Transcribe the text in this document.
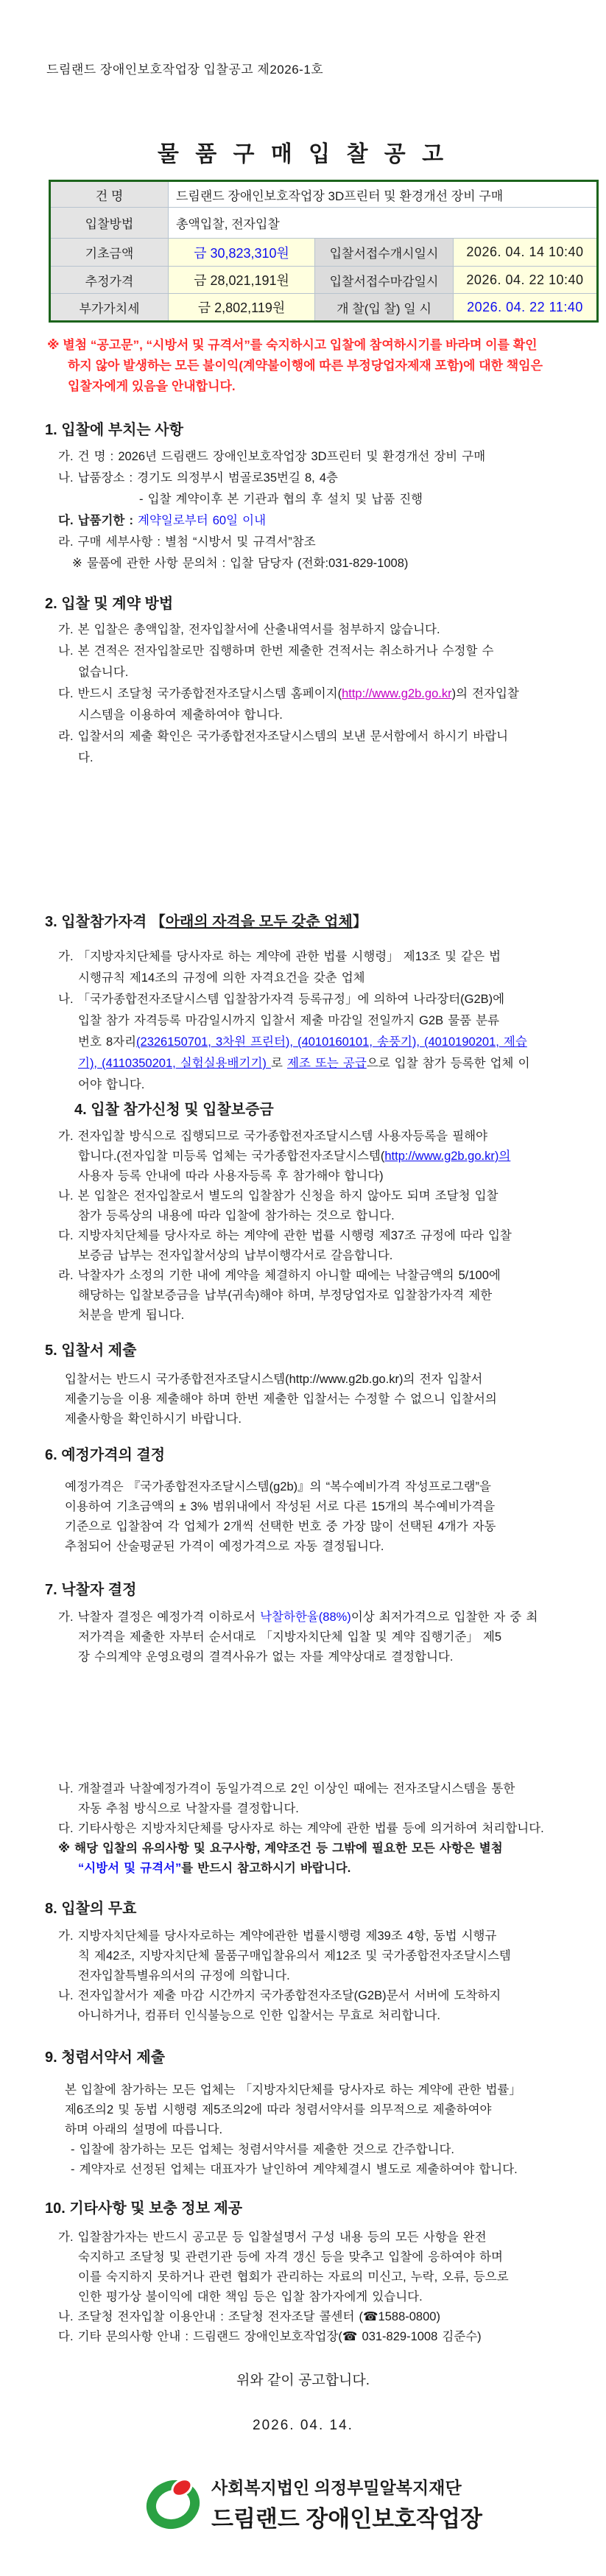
드림랜드 장애인보호작업장 입찰공고 제2026-1호
물 품 구 매 입 찰 공 고
건 명	드림랜드 장애인보호작업장 3D프린터 및 환경개선 장비 구매		
입찰방법	총액입찰, 전자입찰		
기초금액	금 30,823,310원	입찰서접수개시일시	2026. 04. 14 10:40
추정가격	금 28,021,191원	입찰서접수마감일시	2026. 04. 22 10:40
부가가치세	금 2,802,119원	개 찰(입 찰) 일 시	2026. 04. 22 11:40
※ 별첨 “공고문”, “시방서 및 규격서”를 숙지하시고 입찰에 참여하시기를 바라며 이를 확인
하지 않아 발생하는 모든 불이익(계약불이행에 따른 부정당업자제재 포함)에 대한 책임은
입찰자에게 있음을 안내합니다.
1. 입찰에 부치는 사항
가. 건 명 : 2026년 드림랜드 장애인보호작업장 3D프린터 및 환경개선 장비 구매
나. 납품장소 : 경기도 의정부시 범골로35번길 8, 4층
- 입찰 계약이후 본 기관과 협의 후 설치 및 납품 진행
다. 납품기한 : 계약일로부터 60일 이내
라. 구매 세부사항 : 별첨 “시방서 및 규격서”참조
※ 물품에 관한 사항 문의처 : 입찰 담당자 (전화:031-829-1008)
2. 입찰 및 계약 방법
가. 본 입찰은 총액입찰, 전자입찰서에 산출내역서를 첨부하지 않습니다.
나. 본 견적은 전자입찰로만 집행하며 한번 제출한 견적서는 취소하거나 수정할 수
없습니다.
다. 반드시 조달청 국가종합전자조달시스템 홈페이지(http://www.g2b.go.kr)의 전자입찰
시스템을 이용하여 제출하여야 합니다.
라. 입찰서의 제출 확인은 국가종합전자조달시스템의 보낸 문서함에서 하시기 바랍니
다.
3. 입찰참가자격 【아래의 자격을 모두 갖춘 업체】
가. 「지방자치단체를 당사자로 하는 계약에 관한 법률 시행령」 제13조 및 같은 법
시행규칙 제14조의 규정에 의한 자격요건을 갖춘 업체
나. 「국가종합전자조달시스템 입찰참가자격 등록규정」에 의하여 나라장터(G2B)에
입찰 참가 자격등록 마감일시까지 입찰서 제출 마감일 전일까지 G2B 물품 분류
번호 8자리(2326150701, 3차원 프린터), (4010160101, 송풍기), (4010190201, 제습
기), (4110350201, 실험실용배기기) 로 제조 또는 공급으로 입찰 참가 등록한 업체 이
어야 합니다.
4. 입찰 참가신청 및 입찰보증금
가. 전자입찰 방식으로 집행되므로 국가종합전자조달시스템 사용자등록을 필해야
합니다.(전자입찰 미등록 업체는 국가종합전자조달시스템(http://www.g2b.go.kr)의
사용자 등록 안내에 따라 사용자등록 후 참가해야 합니다)
나. 본 입찰은 전자입찰로서 별도의 입찰참가 신청을 하지 않아도 되며 조달청 입찰
참가 등록상의 내용에 따라 입찰에 참가하는 것으로 합니다.
다. 지방자치단체를 당사자로 하는 계약에 관한 법률 시행령 제37조 규정에 따라 입찰
보증금 납부는 전자입찰서상의 납부이행각서로 갈음합니다.
라. 낙찰자가 소정의 기한 내에 계약을 체결하지 아니할 때에는 낙찰금액의 5/100에
해당하는 입찰보증금을 납부(귀속)해야 하며, 부정당업자로 입찰참가자격 제한
처분을 받게 됩니다.
5. 입찰서 제출
입찰서는 반드시 국가종합전자조달시스템(http://www.g2b.go.kr)의 전자 입찰서
제출기능을 이용 제출해야 하며 한번 제출한 입찰서는 수정할 수 없으니 입찰서의
제출사항을 확인하시기 바랍니다.
6. 예정가격의 결정
예정가격은 『국가종합전자조달시스템(g2b)』의 “복수예비가격 작성프로그램”을
이용하여 기초금액의 ± 3% 범위내에서 작성된 서로 다른 15개의 복수예비가격을
기준으로 입찰참여 각 업체가 2개씩 선택한 번호 중 가장 많이 선택된 4개가 자동
추첨되어 산술평균된 가격이 예정가격으로 자동 결정됩니다.
7. 낙찰자 결정
가. 낙찰자 결정은 예정가격 이하로서 낙찰하한율(88%)이상 최저가격으로 입찰한 자 중 최
저가격을 제출한 자부터 순서대로 「지방자치단체 입찰 및 계약 집행기준」 제5
장 수의계약 운영요령의 결격사유가 없는 자를 계약상대로 결정합니다.
나. 개찰결과 낙찰예정가격이 동일가격으로 2인 이상인 때에는 전자조달시스템을 통한
자동 추첨 방식으로 낙찰자를 결정합니다.
다. 기타사항은 지방자치단체를 당사자로 하는 계약에 관한 법률 등에 의거하여 처리합니다.
※ 해당 입찰의 유의사항 및 요구사항, 계약조건 등 그밖에 필요한 모든 사항은 별첨
“시방서 및 규격서”를 반드시 참고하시기 바랍니다.
8. 입찰의 무효
가. 지방자치단체를 당사자로하는 계약에관한 법률시행령 제39조 4항, 동법 시행규
칙 제42조, 지방자치단체 물품구매입찰유의서 제12조 및 국가종합전자조달시스템
전자입찰특별유의서의 규정에 의합니다.
나. 전자입찰서가 제출 마감 시간까지 국가종합전자조달(G2B)문서 서버에 도착하지
아니하거나, 컴퓨터 인식불능으로 인한 입찰서는 무효로 처리합니다.
9. 청렴서약서 제출
본 입찰에 참가하는 모든 업체는 「지방자치단체를 당사자로 하는 계약에 관한 법률」
제6조의2 및 동법 시행령 제5조의2에 따라 청렴서약서를 의무적으로 제출하여야
하며 아래의 설명에 따릅니다.
- 입찰에 참가하는 모든 업체는 청렴서약서를 제출한 것으로 간주합니다.
- 계약자로 선정된 업체는 대표자가 날인하여 계약체결시 별도로 제출하여야 합니다.
10. 기타사항 및 보충 정보 제공
가. 입찰참가자는 반드시 공고문 등 입찰설명서 구성 내용 등의 모든 사항을 완전
숙지하고 조달청 및 관련기관 등에 자격 갱신 등을 맞추고 입찰에 응하여야 하며
이를 숙지하지 못하거나 관련 협회가 관리하는 자료의 미신고, 누락, 오류, 등으로
인한 평가상 불이익에 대한 책임 등은 입찰 참가자에게 있습니다.
나. 조달청 전자입찰 이용안내 : 조달청 전자조달 콜센터 (☎1588-0800)
다. 기타 문의사항 안내 : 드림랜드 장애인보호작업장(☎ 031-829-1008 김준수)
위와 같이 공고합니다.
2026. 04. 14.
사회복지법인 의정부밀알복지재단
드림랜드 장애인보호작업장
